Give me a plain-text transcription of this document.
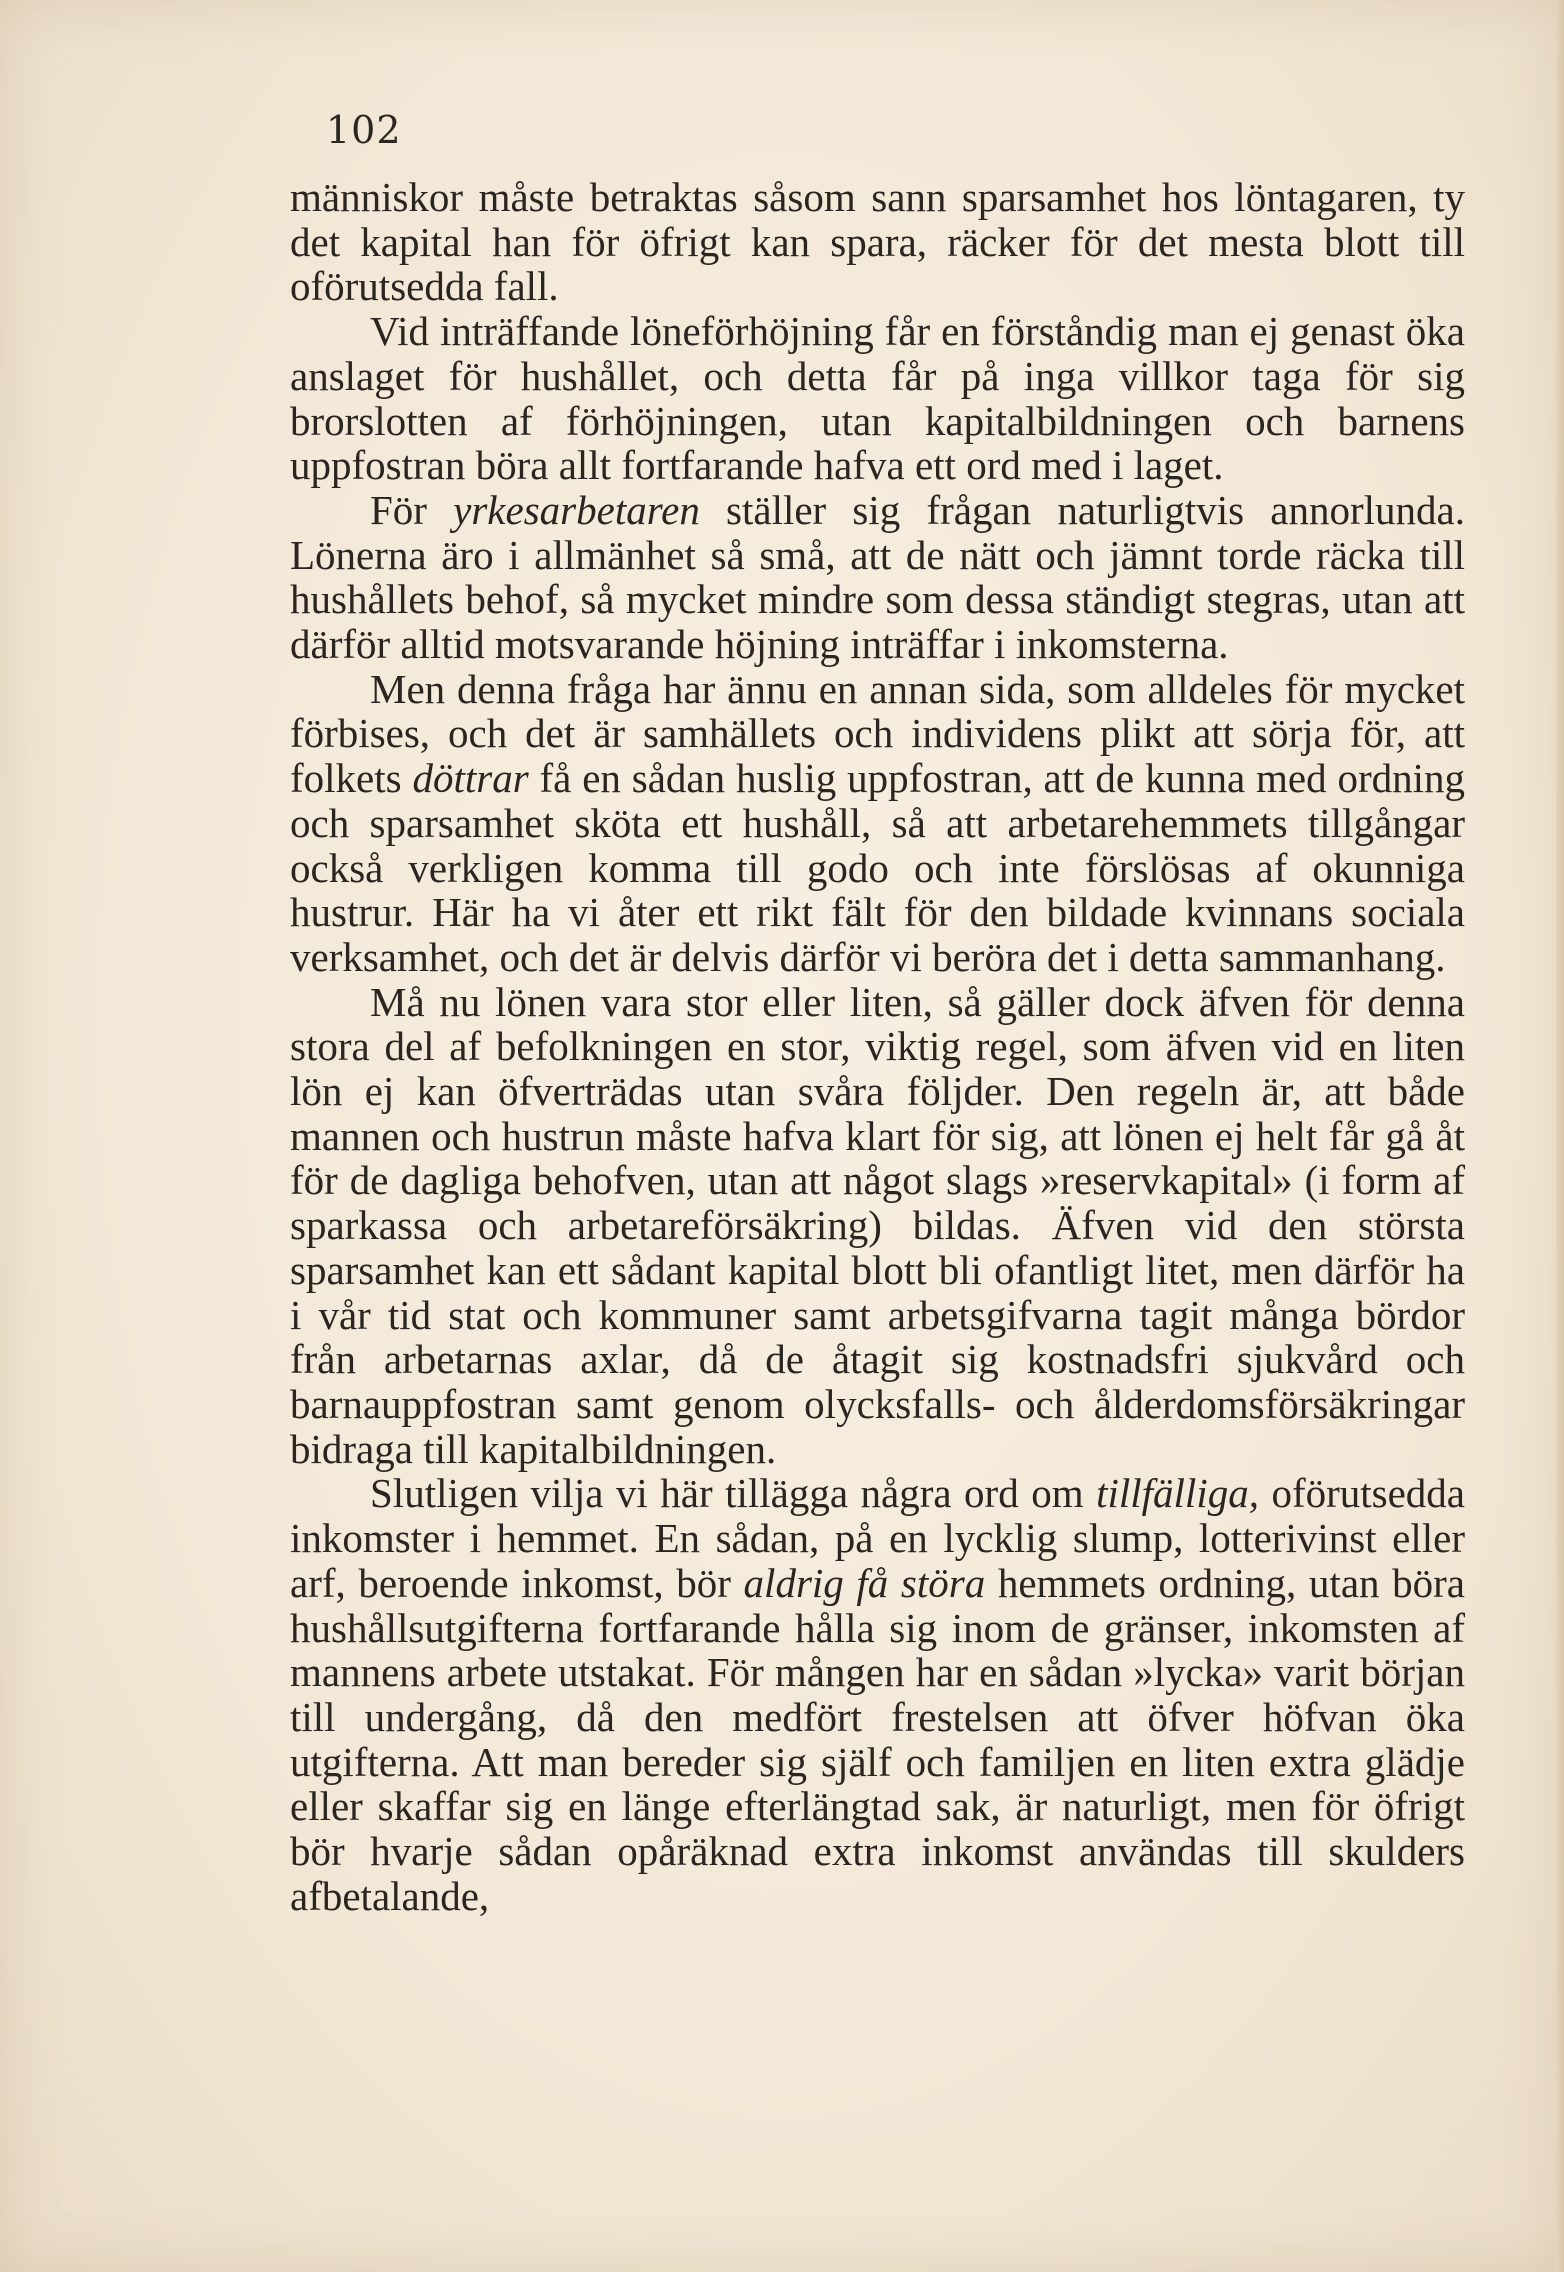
102

människor måste betraktas såsom sann sparsamhet hos löntagaren, ty det kapital han för öfrigt kan spara, räcker för det mesta blott till oförutsedda fall.

Vid inträffande löneförhöjning får en förståndig man ej genast öka anslaget för hushållet, och detta får på inga villkor taga för sig brorslotten af förhöjningen, utan kapitalbildningen och barnens uppfostran böra allt fortfarande hafva ett ord med i laget.

För yrkesarbetaren ställer sig frågan naturligtvis annorlunda. Lönerna äro i allmänhet så små, att de nätt och jämnt torde räcka till hushållets behof, så mycket mindre som dessa ständigt stegras, utan att därför alltid motsvarande höjning inträffar i inkomsterna.

Men denna fråga har ännu en annan sida, som alldeles för mycket förbises, och det är samhällets och individens plikt att sörja för, att folkets döttrar få en sådan huslig uppfostran, att de kunna med ordning och sparsamhet sköta ett hushåll, så att arbetarehemmets tillgångar också verkligen komma till godo och inte förslösas af okunniga hustrur. Här ha vi åter ett rikt fält för den bildade kvinnans sociala verksamhet, och det är delvis därför vi beröra det i detta sammanhang.

Må nu lönen vara stor eller liten, så gäller dock äfven för denna stora del af befolkningen en stor, viktig regel, som äfven vid en liten lön ej kan öfverträdas utan svåra följder. Den regeln är, att både mannen och hustrun måste hafva klart för sig, att lönen ej helt får gå åt för de dagliga behofven, utan att något slags »reservkapital» (i form af sparkassa och arbetareförsäkring) bildas. Äfven vid den största sparsamhet kan ett sådant kapital blott bli ofantligt litet, men därför ha i vår tid stat och kommuner samt arbetsgifvarna tagit många bördor från arbetarnas axlar, då de åtagit sig kostnadsfri sjukvård och barnauppfostran samt genom olycksfalls- och ålderdomsförsäkringar bidraga till kapitalbildningen.

Slutligen vilja vi här tillägga några ord om tillfälliga, oförutsedda inkomster i hemmet. En sådan, på en lycklig slump, lotterivinst eller arf, beroende inkomst, bör aldrig få störa hemmets ordning, utan böra hushållsutgifterna fortfarande hålla sig inom de gränser, inkomsten af mannens arbete utstakat. För mången har en sådan »lycka» varit början till undergång, då den medfört frestelsen att öfver höfvan öka utgifterna. Att man bereder sig själf och familjen en liten extra glädje eller skaffar sig en länge efterlängtad sak, är naturligt, men för öfrigt bör hvarje sådan opåräknad extra inkomst användas till skulders afbetalande,
